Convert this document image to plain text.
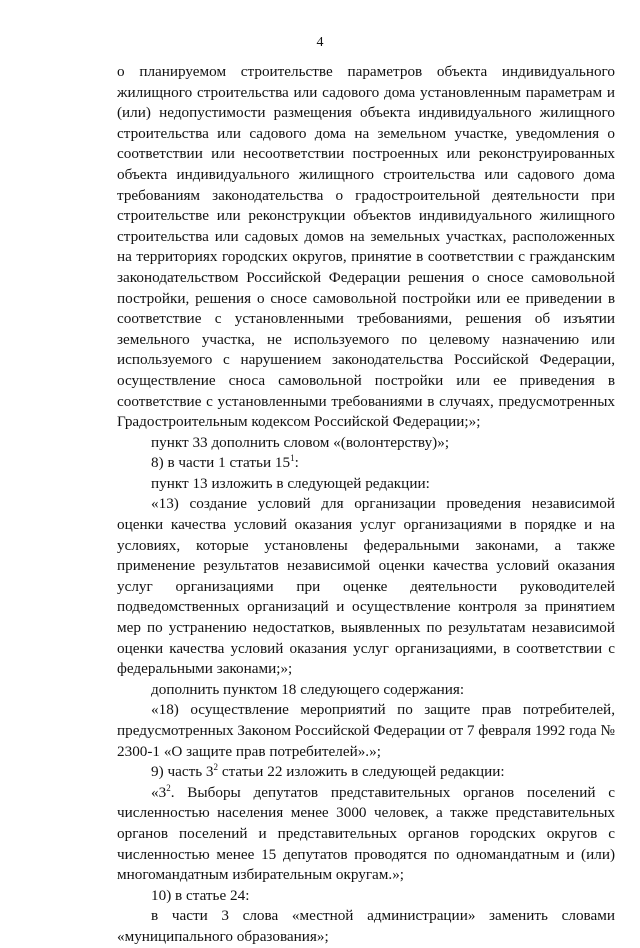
4

о планируемом строительстве параметров объекта индивидуального жилищного строительства или садового дома установленным параметрам и (или) недопустимости размещения объекта индивидуального жилищного строительства или садового дома на земельном участке, уведомления о соответствии или несоответствии построенных или реконструированных объекта индивидуального жилищного строительства или садового дома требованиям законодательства о градостроительной деятельности при строительстве или реконструкции объектов индивидуального жилищного строительства или садовых домов на земельных участках, расположенных на территориях городских округов, принятие в соответствии с гражданским законодательством Российской Федерации решения о сносе самовольной постройки, решения о сносе самовольной постройки или ее приведении в соответствие с установленными требованиями, решения об изъятии земельного участка, не используемого по целевому назначению или используемого с нарушением законодательства Российской Федерации, осуществление сноса самовольной постройки или ее приведения в соответствие с установленными требованиями в случаях, предусмотренных Градостроительным кодексом Российской Федерации;»;

пункт 33 дополнить словом «(волонтерству)»;

8) в части 1 статьи $15^1$:

пункт 13 изложить в следующей редакции:

«13) создание условий для организации проведения независимой оценки качества условий оказания услуг организациями в порядке и на условиях, которые установлены федеральными законами, а также применение результатов независимой оценки качества условий оказания услуг организациями при оценке деятельности руководителей подведомственных организаций и осуществление контроля за принятием мер по устранению недостатков, выявленных по результатам независимой оценки качества условий оказания услуг организациями, в соответствии с федеральными законами;»;

дополнить пунктом 18 следующего содержания:

«18) осуществление мероприятий по защите прав потребителей, предусмотренных Законом Российской Федерации от 7 февраля 1992 года № 2300-1 «О защите прав потребителей».»;

9) часть $3^2$ статьи 22 изложить в следующей редакции:

«$3^2$. Выборы депутатов представительных органов поселений с численностью населения менее 3000 человек, а также представительных органов поселений и представительных органов городских округов с численностью менее 15 депутатов проводятся по одномандатным и (или) многомандатным избирательным округам.»;

10) в статье 24:

в части 3 слова «местной администрации» заменить словами «муниципального образования»;
